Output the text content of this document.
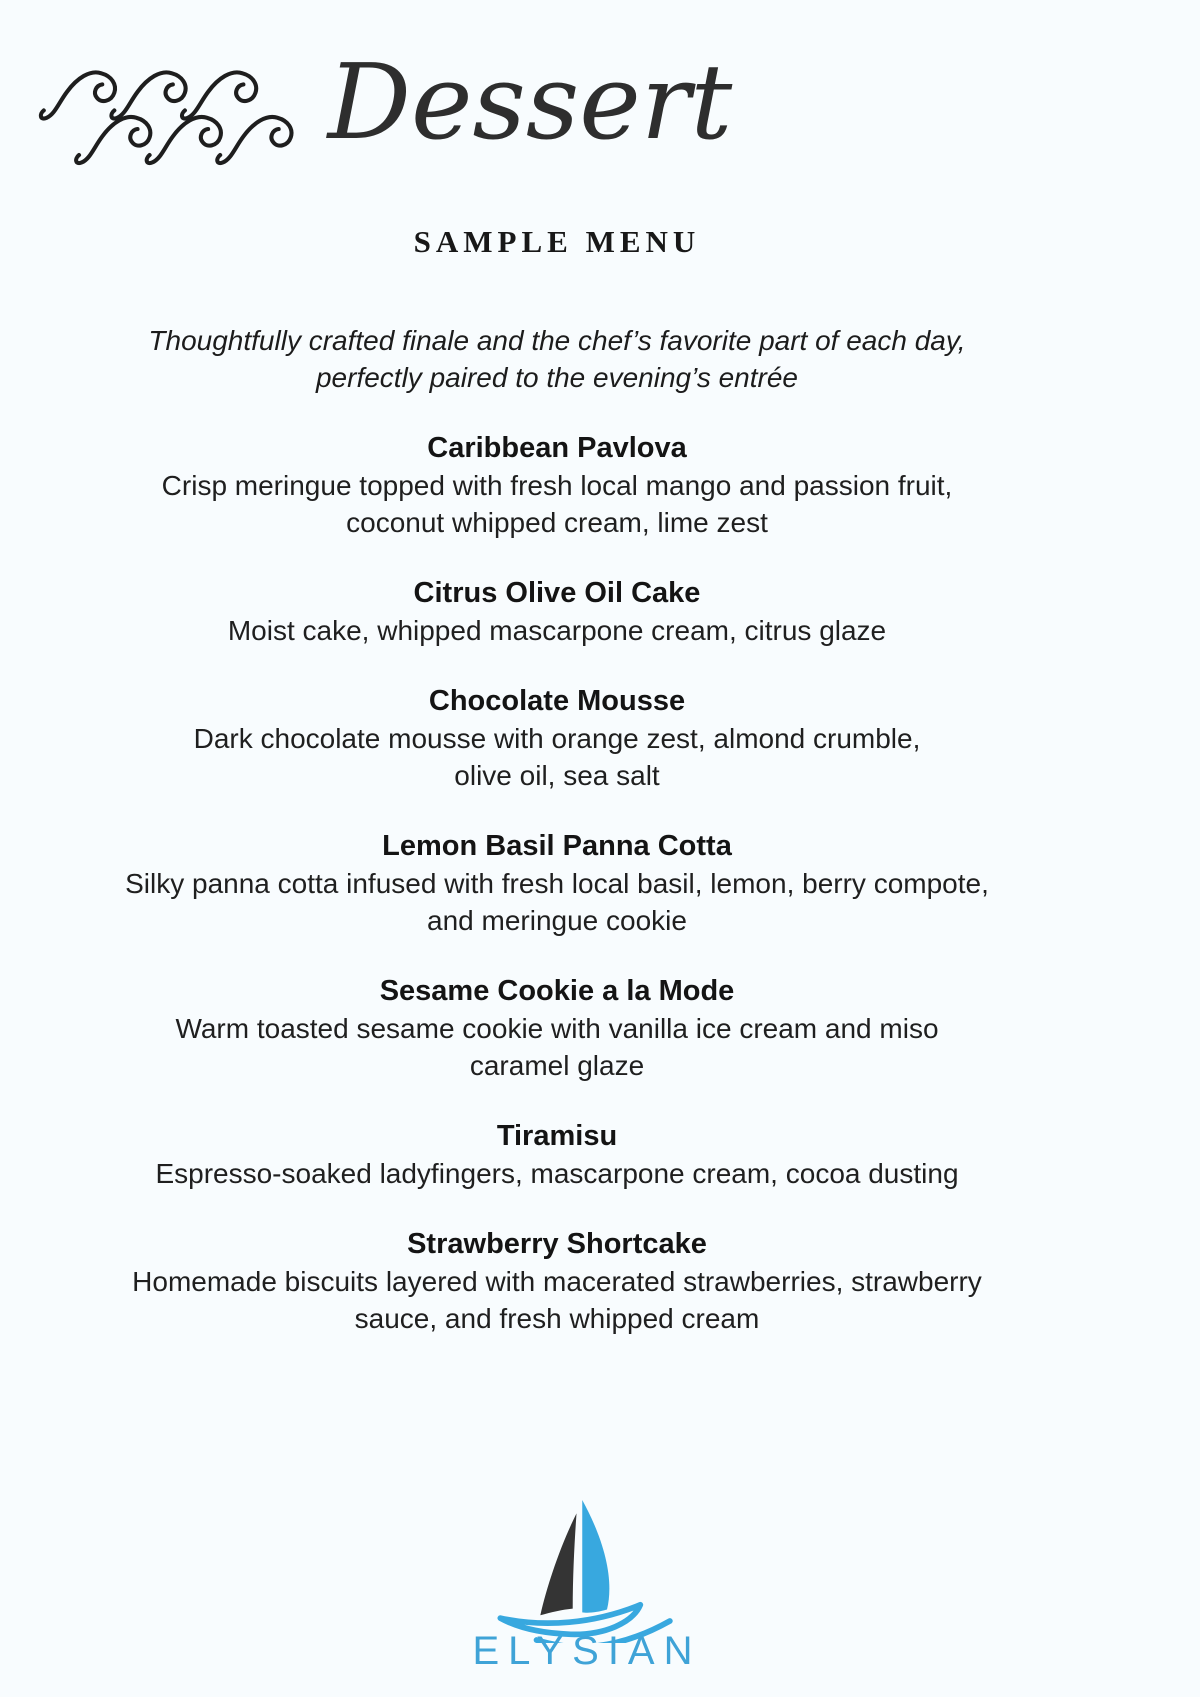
Dessert
SAMPLE MENU
Thoughtfully crafted finale and the chef’s favorite part of each day,
perfectly paired to the evening’s entrée
Caribbean Pavlova
Crisp meringue topped with fresh local mango and passion fruit,
coconut whipped cream, lime zest
Citrus Olive Oil Cake
Moist cake, whipped mascarpone cream, citrus glaze
Chocolate Mousse
Dark chocolate mousse with orange zest, almond crumble,
olive oil, sea salt
Lemon Basil Panna Cotta
Silky panna cotta infused with fresh local basil, lemon, berry compote,
and meringue cookie
Sesame Cookie a la Mode
Warm toasted sesame cookie with vanilla ice cream and miso
caramel glaze
Tiramisu
Espresso-soaked ladyfingers, mascarpone cream, cocoa dusting
Strawberry Shortcake
Homemade biscuits layered with macerated strawberries, strawberry
sauce, and fresh whipped cream
ELYSIAN
